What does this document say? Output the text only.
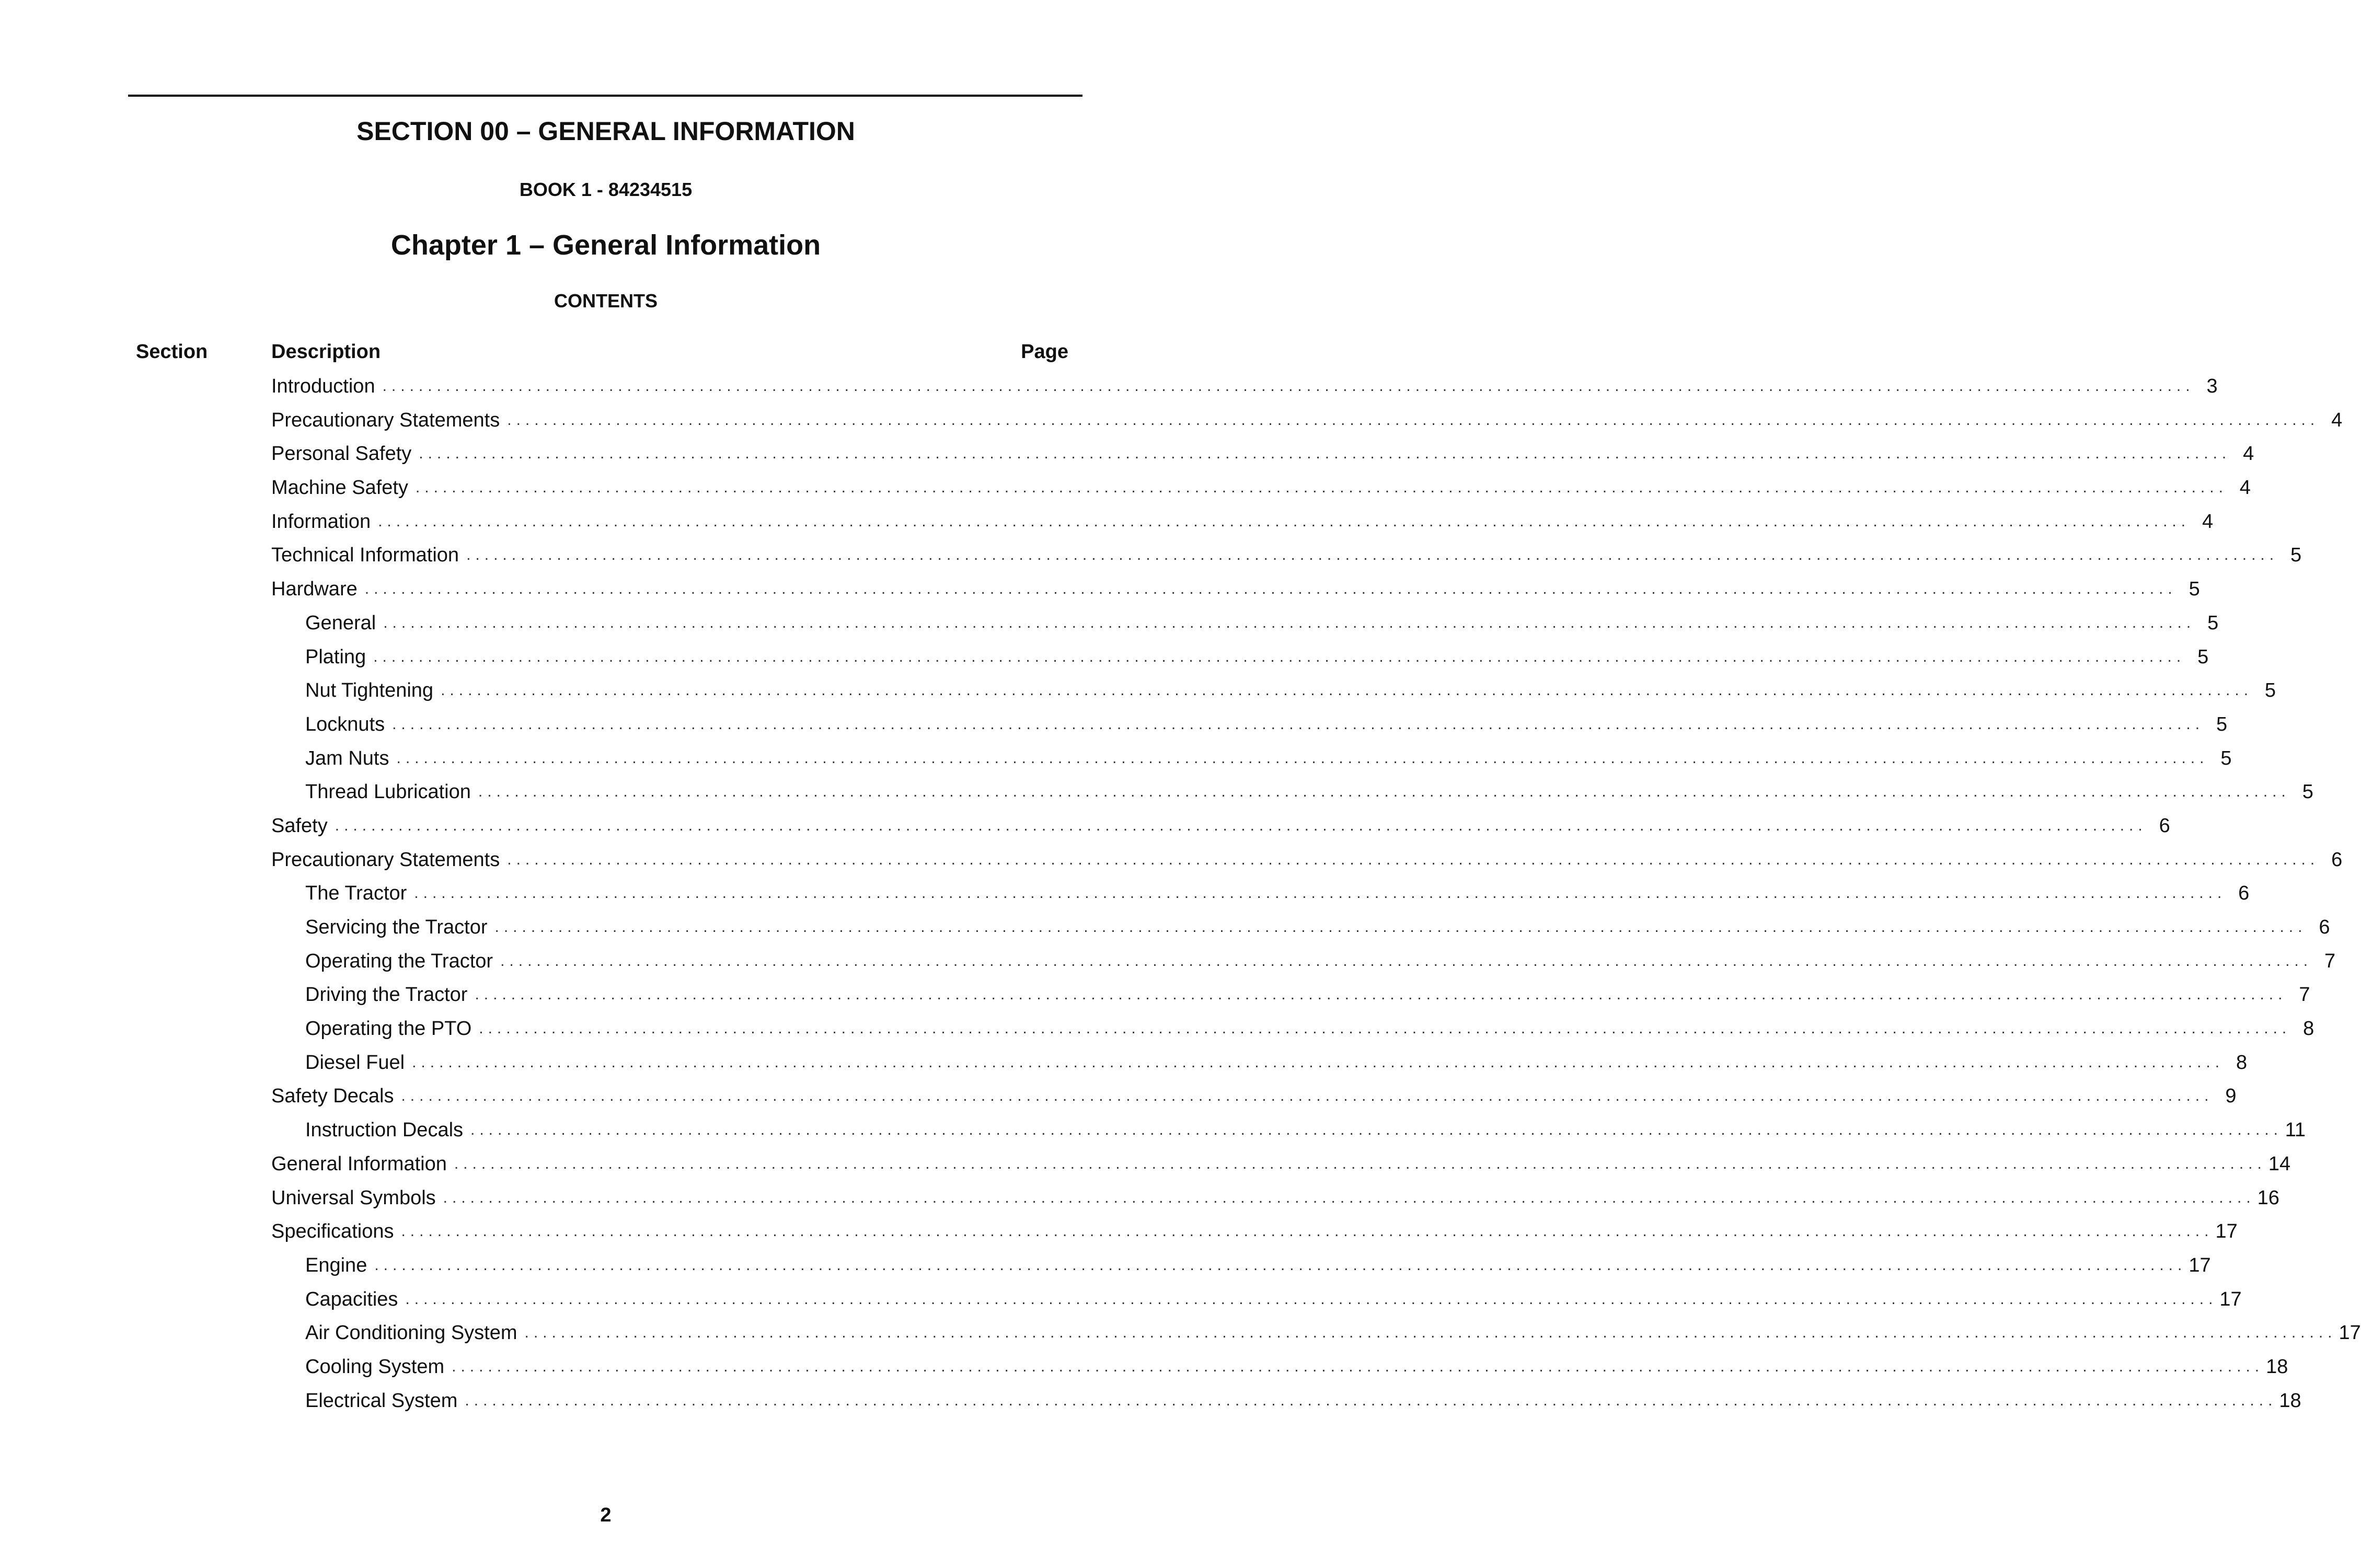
SECTION 00 – GENERAL INFORMATION
BOOK 1 - 84234515
Chapter 1 – General Information
CONTENTS
Section	Description	Page
Introduction ........................................................................................................................................................................................................ 3
Precautionary Statements ........................................................................................................................................................................................................ 4
Personal Safety ........................................................................................................................................................................................................ 4
Machine Safety ........................................................................................................................................................................................................ 4
Information ........................................................................................................................................................................................................ 4
Technical Information ........................................................................................................................................................................................................ 5
Hardware ........................................................................................................................................................................................................ 5
General ........................................................................................................................................................................................................ 5
Plating ........................................................................................................................................................................................................ 5
Nut Tightening ........................................................................................................................................................................................................ 5
Locknuts ........................................................................................................................................................................................................ 5
Jam Nuts ........................................................................................................................................................................................................ 5
Thread Lubrication ........................................................................................................................................................................................................ 5
Safety ........................................................................................................................................................................................................ 6
Precautionary Statements ........................................................................................................................................................................................................ 6
The Tractor ........................................................................................................................................................................................................ 6
Servicing the Tractor ........................................................................................................................................................................................................ 6
Operating the Tractor ........................................................................................................................................................................................................ 7
Driving the Tractor ........................................................................................................................................................................................................ 7
Operating the PTO ........................................................................................................................................................................................................ 8
Diesel Fuel ........................................................................................................................................................................................................ 8
Safety Decals ........................................................................................................................................................................................................ 9
Instruction Decals ........................................................................................................................................................................................................ 11
General Information ........................................................................................................................................................................................................ 14
Universal Symbols ........................................................................................................................................................................................................ 16
Specifications ........................................................................................................................................................................................................ 17
Engine ........................................................................................................................................................................................................ 17
Capacities ........................................................................................................................................................................................................ 17
Air Conditioning System ........................................................................................................................................................................................................ 17
Cooling System ........................................................................................................................................................................................................ 18
Electrical System ........................................................................................................................................................................................................ 18
2
